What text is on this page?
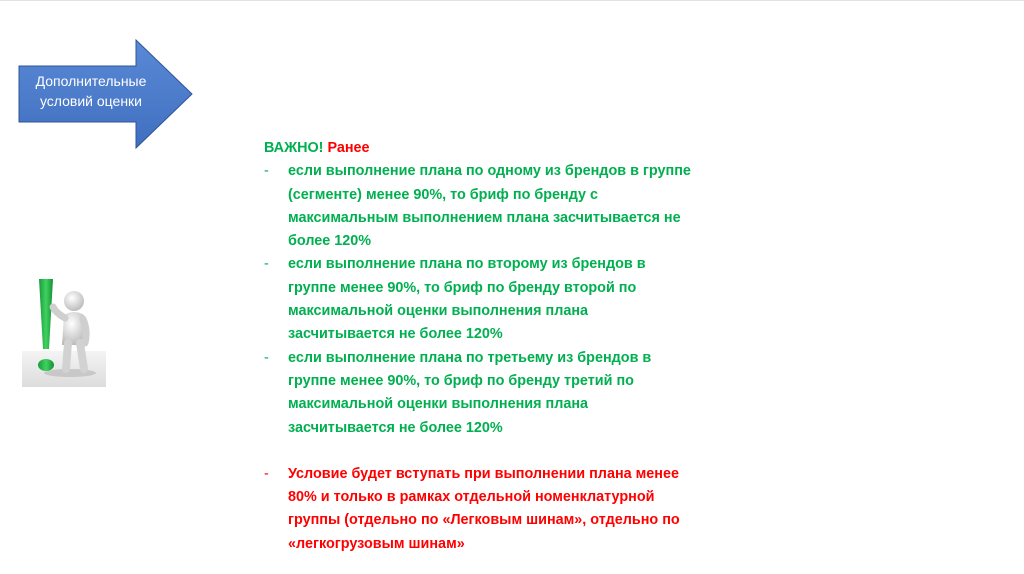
Дополнительные
условий оценки
ВАЖНО! Ранее
-	если выполнение плана по одному из брендов в группе
(сегменте) менее 90%, то бриф по бренду с
максимальным выполнением плана засчитывается не
более 120%
-	если выполнение плана по второму из брендов в
группе менее 90%, то бриф по бренду второй по
максимальной оценки выполнения плана
засчитывается не более 120%
-	если выполнение плана по третьему из брендов в
группе менее 90%, то бриф по бренду третий по
максимальной оценки выполнения плана
засчитывается не более 120%
-	Условие будет вступать при выполнении плана менее
80% и только в рамках отдельной номенклатурной
группы (отдельно по «Легковым шинам», отдельно по
«легкогрузовым шинам»
